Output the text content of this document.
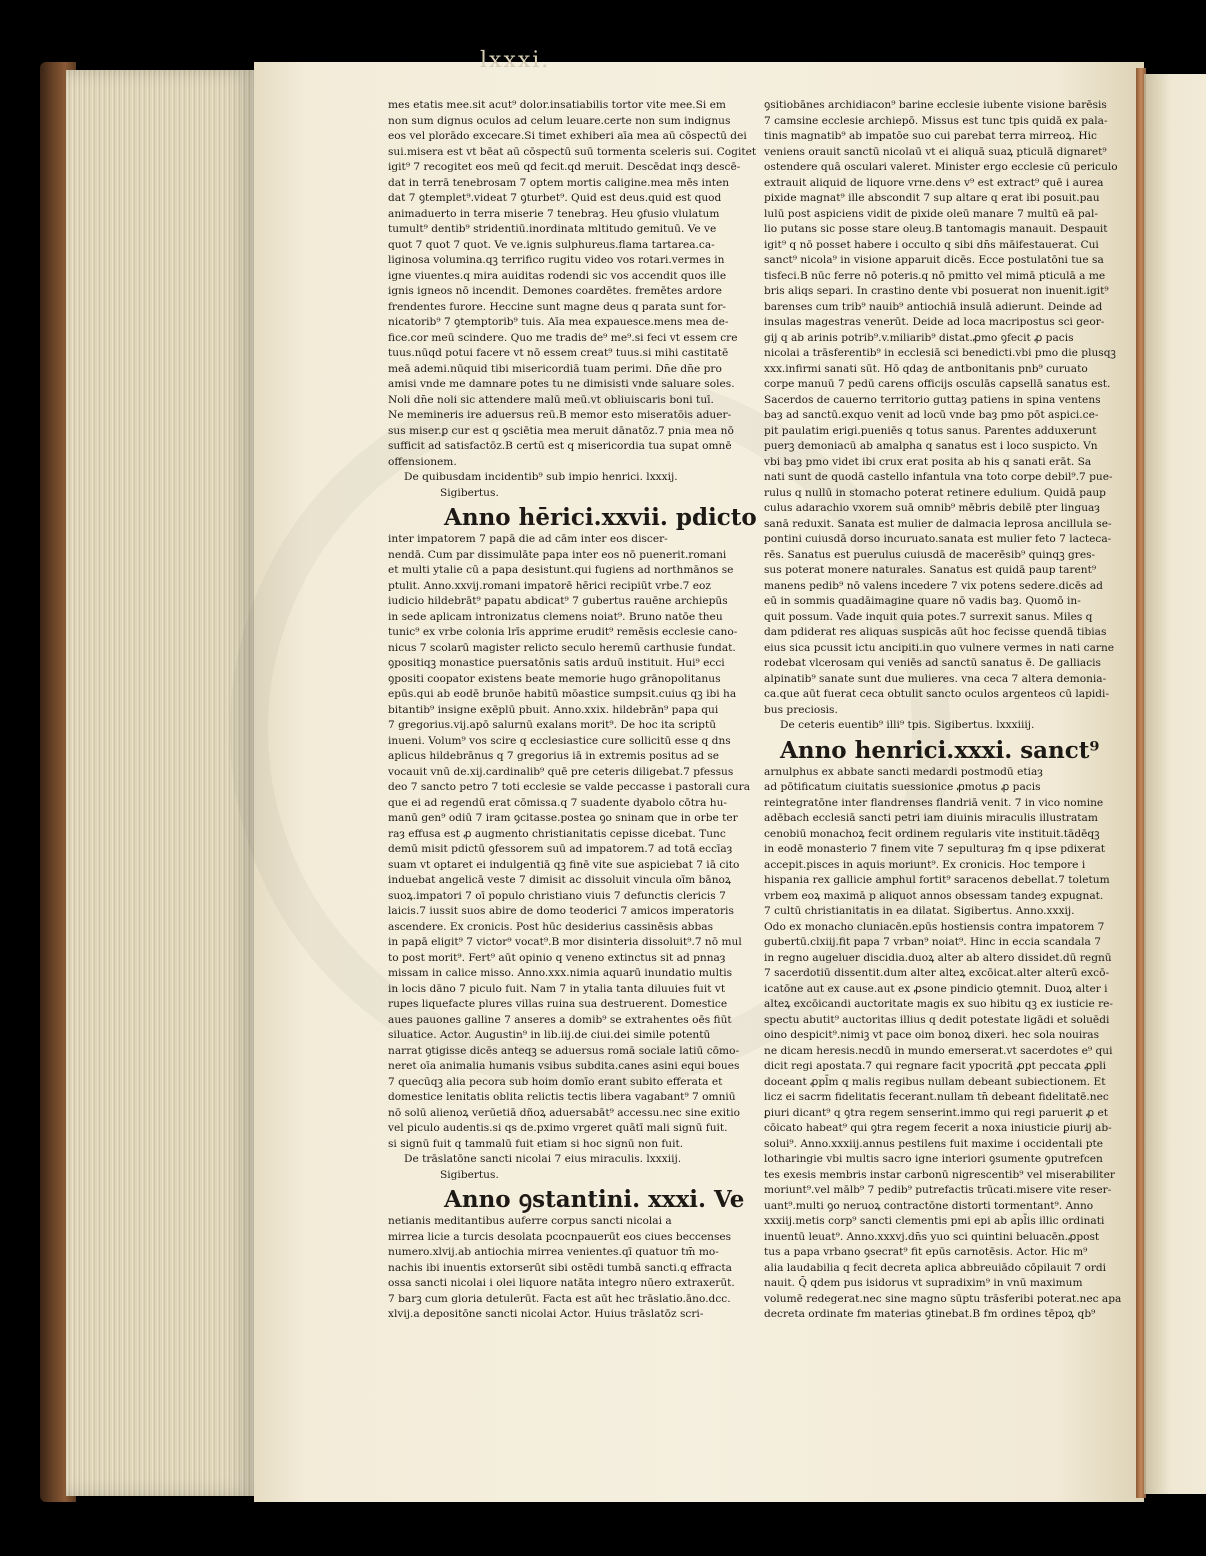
lxxxi.
mes etatis mee.sit acut⁹ dolor.insatiabilis tortor vite mee.Si em
non sum dignus oculos ad celum leuare.certe non sum indignus
eos vel plorādo excecare.Si timet exhiberi aīa mea aū cōspectū dei
sui.misera est vt bēat aū cōspectū suū tormenta sceleris sui. Cogitet
igit⁹ 7 recogitet eos meū qd fecit.qd meruit. Descēdat inqȝ descē-
dat in terrā tenebrosam 7 optem mortis caligine.mea mēs inten
dat 7 ꝯtemplet⁹.videat 7 ꝯturbet⁹. Quid est deus.quid est quod
animaduerto in terra miserie 7 tenebraȝ. Heu ꝯfusio vlulatum
tumult⁹ dentib⁹ stridentiū.inordinata mltitudo gemituū. Ve ve
quot 7 quot 7 quot. Ve ve.ignis sulphureus.flama tartarea.ca-
liginosa volumina.qꝫ terrifico rugitu video vos rotari.vermes in
igne viuentes.q mira auiditas rodendi sic vos accendit quos ille
ignis igneos nō incendit. Demones coardētes. fremētes ardore
frendentes furore. Heccine sunt magne deus q parata sunt for-
nicatorib⁹ 7 ꝯtemptorib⁹ tuis. Aīa mea expauesce.mens mea de-
fice.cor meū scindere. Quo me tradis de⁹ me⁹.si feci vt essem cre
tuus.nūqd potui facere vt nō essem creat⁹ tuus.si mihi castitatē
meā ademi.nūquid tibi misericordiā tuam perimi. Dn̄e dn̄e pro
amisi vnde me damnare potes tu ne dimisisti vnde saluare soles.
Noli dn̄e noli sic attendere malū meū.vt obliuiscaris boni tuī.
Ne memineris ire aduersus reū.B memor esto miseratōis aduer-
sus miser.ꝑ cur est q ꝯsciētia mea meruit dānatōz.7 pnia mea nō
sufficit ad satisfactōz.B certū est q misericordia tua supat omnē
offensionem.
De quibusdam incidentib⁹ sub impio henrici. lxxxij.
Sigibertus.
Anno hērici.xxvii. pdicto
inter impatorem 7 papā die ad cām inter eos discer-
nendā. Cum par dissimulāte papa inter eos nō puenerit.romani
et multi ytalie cū a papa desistunt.qui fugiens ad northmānos se
ptulit. Anno.xxvij.romani impatorē hērici recipiūt vrbe.7 eoz
iudicio hildebrāt⁹ papatu abdicat⁹ 7 gubertus rauēne archiepūs
in sede aplicam intronizatus clemens noiat⁹. Bruno natōe theu
tunic⁹ ex vrbe colonia lrīs apprime erudit⁹ remēsis ecclesie cano-
nicus 7 scolarū magister relicto seculo heremū carthusie fundat.
ꝯpositiqꝫ monastice puersatōnis satis arduū instituit. Hui⁹ ecci
ꝯpositi coopator existens beate memorie hugo grānopolitanus
epūs.qui ab eodē brunōe habitū mōastice sumpsit.cuius qꝫ ibi ha
bitantib⁹ insigne exēplū pbuit. Anno.xxix. hildebrān⁹ papa qui
7 gregorius.vij.apō salurnū exalans morit⁹. De hoc ita scriptū
inueni. Volum⁹ vos scire q ecclesiastice cure sollicitū esse q dns
aplicus hildebrānus q 7 gregorius iā in extremis positus ad se
vocauit vnū de.xij.cardinalib⁹ quē pre ceteris diligebat.7 pfessus
deo 7 sancto petro 7 toti ecclesie se valde peccasse i pastorali cura
que ei ad regendū erat cōmissa.q 7 suadente dyabolo cōtra hu-
manū gen⁹ odiū 7 iram ꝯcitasse.postea ꝯo sninam que in orbe ter
raȝ effusa est ꝓ augmento christianitatis cepisse dicebat. Tunc
demū misit pdictū ꝯfessorem suū ad impatorem.7 ad totā eccīaȝ
suam vt optaret ei indulgentiā qꝫ finē vite sue aspiciebat 7 iā cito
induebat angelicā veste 7 dimisit ac dissoluit vincula oīm bānoꝝ
suoꝝ.impatori 7 oī populo christiano viuis 7 defunctis clericis 7
laicis.7 iussit suos abire de domo teoderici 7 amicos imperatoris
ascendere. Ex cronicis. Post hūc desiderius cassinēsis abbas
in papā eligit⁹ 7 victor⁹ vocat⁹.B mor disinteria dissoluit⁹.7 nō mul
to post morit⁹. Fert⁹ aūt opinio q veneno extinctus sit ad pnnaȝ
missam in calice misso. Anno.xxx.nimia aquarū inundatio multis
in locis dāno 7 piculo fuit. Nam 7 in ytalia tanta diluuies fuit vt
rupes liquefacte plures villas ruina sua destruerent. Domestice
aues pauones galline 7 anseres a domib⁹ se extrahentes oēs fiūt
siluatice. Actor. Augustin⁹ in lib.iij.de ciui.dei simile potentū
narrat ꝯtigisse dicēs anteqꝫ se aduersus romā sociale latiū cōmo-
neret oīa animalia humanis vsibus subdita.canes asini equi boues
7 quecūqꝫ alia pecora sub hoim domīo erant subito efferata et
domestice lenitatis oblita relictis tectis libera vagabant⁹ 7 omniū
nō solū alienoꝝ verūetiā dñoꝝ aduersabāt⁹ accessu.nec sine exitio
vel piculo audentis.si qs de.pximo vrgeret quātī mali signū fuit.
si signū fuit q tammalū fuit etiam si hoc signū non fuit.
De trāslatōne sancti nicolai 7 eius miraculis. lxxxiij.
Sigibertus.
Anno ꝯstantini. xxxi. Ve
netianis meditantibus auferre corpus sancti nicolai a
mirrea licie a turcis desolata pcocnpauerūt eos ciues beccenses
numero.xlvij.ab antiochia mirrea venientes.qī quatuor tm̄ mo-
nachis ibi inuentis extorserūt sibi ostēdi tumbā sancti.q effracta
ossa sancti nicolai i olei liquore natāta integro nūero extraxerūt.
7 barꝫ cum gloria detulerūt. Facta est aūt hec trāslatio.āno.dcc.
xlvij.a depositōne sancti nicolai Actor. Huius trāslatōz scri-
ꝯsitiobānes archidiacon⁹ barine ecclesie iubente visione barēsis
7 camsine ecclesie archiepō. Missus est tunc tpis quidā ex pala-
tinis magnatib⁹ ab impatōe suo cui parebat terra mirreoꝝ. Hic
veniens orauit sanctū nicolaū vt ei aliquā suaꝝ pticulā dignaret⁹
ostendere quā osculari valeret. Minister ergo ecclesie cū periculo
extrauit aliquid de liquore vrne.dens v⁹ est extract⁹ quē i aurea
pixide magnat⁹ ille abscondit 7 sup altare q erat ibi posuit.pau
lulū post aspiciens vidit de pixide oleū manare 7 multū eā pal-
lio putans sic posse stare oleuȝ.B tantomagis manauit. Despauit
igit⁹ q nō posset habere i occulto q sibi dn̄s māifestauerat. Cui
sanct⁹ nicola⁹ in visione apparuit dicēs. Ecce postulatōni tue sa
tisfeci.B nūc ferre nō poteris.q nō pmitto vel mimā pticulā a me
bris aliqs separi. In crastino dente vbi posuerat non inuenit.igit⁹
barenses cum trib⁹ nauib⁹ antiochiā insulā adierunt. Deinde ad
insulas magestras venerūt. Deide ad loca macripostus sci geor-
gij q ab arinis potrib⁹.v.miliarib⁹ distat.ꝓmo ꝯfecit ꝓ pacis
nicolai a trāsferentib⁹ in ecclesiā sci benedicti.vbi pmo die plusqꝫ
xxx.infirmi sanati sūt. Hō qdaȝ de antbonitanis pnb⁹ curuato
corpe manuū 7 pedū carens officijs osculās capsellā sanatus est.
Sacerdos de cauerno territorio guttaȝ patiens in spina ventens
baȝ ad sanctū.exquo venit ad locū vnde baȝ pmo pōt aspici.ce-
pit paulatim erigi.pueniēs q totus sanus. Parentes adduxerunt
puerꝫ demoniacū ab amalpha q sanatus est i loco suspicto. Vn
vbi baȝ pmo videt ibi crux erat posita ab his q sanati erāt. Sa
nati sunt de quodā castello infantula vna toto corpe debil⁹.7 pue-
rulus q nullū in stomacho poterat retinere edulium. Quidā paup
culus adarachio vxorem suā omnib⁹ mēbris debilē pter linguaȝ
sanā reduxit. Sanata est mulier de dalmacia leprosa ancillula se-
pontini cuiusdā dorso incuruato.sanata est mulier feto 7 lacteca-
rēs. Sanatus est puerulus cuiusdā de macerēsib⁹ quinqꝫ gres-
sus poterat monere naturales. Sanatus est quidā paup tarent⁹
manens pedib⁹ nō valens incedere 7 vix potens sedere.dicēs ad
eū in sommis quadāimagine quare nō vadis baȝ. Quomō in-
quit possum. Vade inquit quia potes.7 surrexit sanus. Miles q
dam pdiderat res aliquas suspicās aūt hoc fecisse quendā tibias
eius sica pcussit ictu ancipiti.in quo vulnere vermes in nati carne
rodebat vlcerosam qui veniēs ad sanctū sanatus ē. De galliacis
alpinatib⁹ sanate sunt due mulieres. vna ceca 7 altera demonia-
ca.que aūt fuerat ceca obtulit sancto oculos argenteos cū lapidi-
bus preciosis.
De ceteris euentib⁹ illi⁹ tpis. Sigibertus. lxxxiiij.
Anno henrici.xxxi. sanct⁹
arnulphus ex abbate sancti medardi postmodū etiaȝ
ad pōtificatum ciuitatis suessionice ꝓmotus ꝓ pacis
reintegratōne inter flandrenses flandriā venit. 7 in vico nomine
adēbach ecclesiā sancti petri iam diuinis miraculis illustratam
cenobiū monachoꝝ fecit ordinem regularis vite instituit.tādēqꝫ
in eodē monasterio 7 finem vite 7 sepulturaȝ fm q ipse pdixerat
accepit.pisces in aquis moriunt⁹. Ex cronicis. Hoc tempore i
hispania rex gallicie amphul fortit⁹ saracenos debellat.7 toletum
vrbem eoꝝ maximā p aliquot annos obsessam tandeȝ expugnat.
7 cultū christianitatis in ea dilatat. Sigibertus. Anno.xxxij.
Odo ex monacho cluniacēn.epūs hostiensis contra impatorem 7
gubertū.clxiij.fit papa 7 vrban⁹ noiat⁹. Hinc in eccia scandala 7
in regno augeluer discidia.duoꝝ alter ab altero dissidet.dū regnū
7 sacerdotiū dissentit.dum alter alteꝝ excōicat.alter alterū excō-
icatōne aut ex cause.aut ex ꝓsone pindicio ꝯtemnit. Duoꝝ alter i
alteꝝ excōicandi auctoritate magis ex suo hibitu qꝫ ex iusticie re-
spectu abutit⁹ auctoritas illius q dedit potestate ligādi et soluēdi
oino despicit⁹.nimiꝫ vt pace oim bonoꝝ dixeri. hec sola nouiras
ne dicam heresis.necdū in mundo emerserat.vt sacerdotes e⁹ qui
dicit regi apostata.7 qui regnare facit ypocritā ꝓpt peccata ꝓpli
doceant ꝓpl̄m q malis regibus nullam debeant subiectionem. Et
licz ei sacrm fidelitatis fecerant.nullam tn̄ debeant fidelitatē.nec
ꝑiuri dicant⁹ q ꝯtra regem senserint.immo qui regi paruerit ꝓ et
cōicato habeat⁹ qui ꝯtra regem fecerit a noxa iniusticie ꝑiurij ab-
solui⁹. Anno.xxxiij.annus pestilens fuit maxime i occidentali pte
lotharingie vbi multis sacro igne interiori ꝯsumente ꝯputrefcen
tes exesis membris instar carbonū nigrescentib⁹ vel miserabiliter
moriunt⁹.vel mālb⁹ 7 pedib⁹ putrefactis trūcati.misere vite reser-
uant⁹.multi ꝯo neruoꝝ contractōne distorti tormentant⁹. Anno
xxxiij.metis corp⁹ sancti clementis pmi epi ab apl̄is illic ordinati
inuentū leuat⁹. Anno.xxxvj.dn̄s yuo sci quintini beluacēn.ꝓpost
tus a papa vrbano ꝯsecrat⁹ fit epūs carnotēsis. Actor. Hic m⁹
alia laudabilia q fecit decreta aplica abbreuiādo cōpilauit 7 ordi
nauit. Q̄ qdem pus isidorus vt supradixim⁹ in vnū maximum
volumē redegerat.nec sine magno sūptu trāsferibi poterat.nec apa
decreta ordinate fm materias ꝯtinebat.B fm ordines tēpoꝝ qb⁹
